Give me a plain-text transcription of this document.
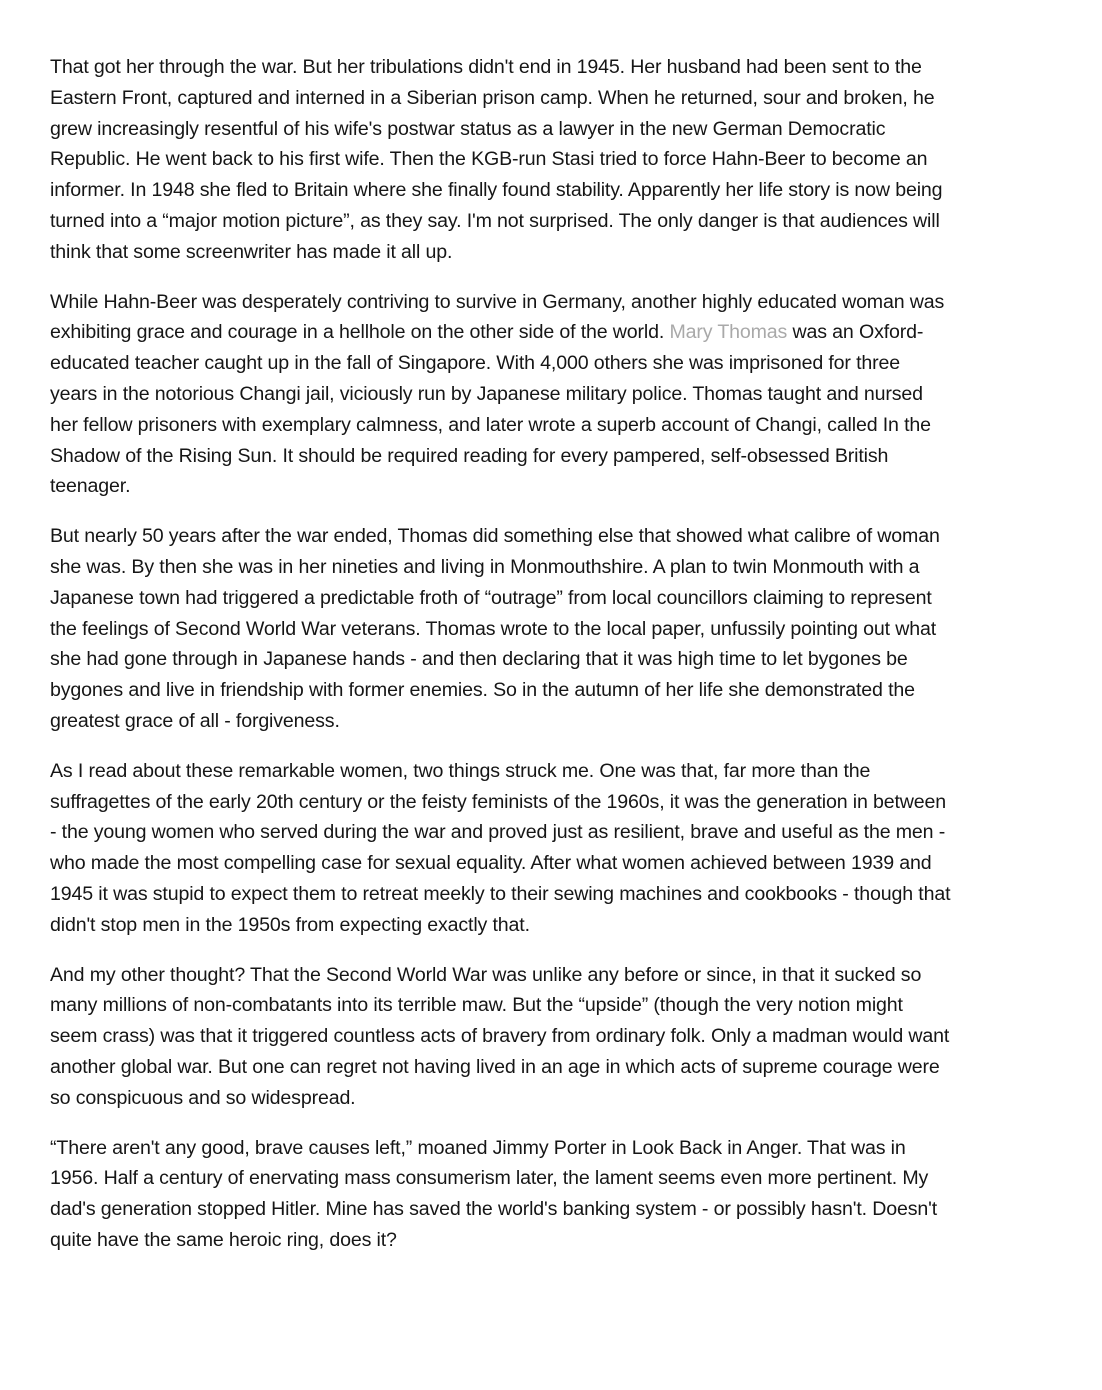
That got her through the war. But her tribulations didn't end in 1945. Her husband had been sent to the
Eastern Front, captured and interned in a Siberian prison camp. When he returned, sour and broken, he
grew increasingly resentful of his wife's postwar status as a lawyer in the new German Democratic
Republic. He went back to his first wife. Then the KGB-run Stasi tried to force Hahn-Beer to become an
informer. In 1948 she fled to Britain where she finally found stability. Apparently her life story is now being
turned into a “major motion picture”, as they say. I'm not surprised. The only danger is that audiences will
think that some screenwriter has made it all up.
While Hahn-Beer was desperately contriving to survive in Germany, another highly educated woman was
exhibiting grace and courage in a hellhole on the other side of the world. Mary Thomas was an Oxford-
educated teacher caught up in the fall of Singapore. With 4,000 others she was imprisoned for three
years in the notorious Changi jail, viciously run by Japanese military police. Thomas taught and nursed
her fellow prisoners with exemplary calmness, and later wrote a superb account of Changi, called In the
Shadow of the Rising Sun. It should be required reading for every pampered, self-obsessed British
teenager.
But nearly 50 years after the war ended, Thomas did something else that showed what calibre of woman
she was. By then she was in her nineties and living in Monmouthshire. A plan to twin Monmouth with a
Japanese town had triggered a predictable froth of “outrage” from local councillors claiming to represent
the feelings of Second World War veterans. Thomas wrote to the local paper, unfussily pointing out what
she had gone through in Japanese hands - and then declaring that it was high time to let bygones be
bygones and live in friendship with former enemies. So in the autumn of her life she demonstrated the
greatest grace of all - forgiveness.
As I read about these remarkable women, two things struck me. One was that, far more than the
suffragettes of the early 20th century or the feisty feminists of the 1960s, it was the generation in between
- the young women who served during the war and proved just as resilient, brave and useful as the men -
who made the most compelling case for sexual equality. After what women achieved between 1939 and
1945 it was stupid to expect them to retreat meekly to their sewing machines and cookbooks - though that
didn't stop men in the 1950s from expecting exactly that.
And my other thought? That the Second World War was unlike any before or since, in that it sucked so
many millions of non-combatants into its terrible maw. But the “upside” (though the very notion might
seem crass) was that it triggered countless acts of bravery from ordinary folk. Only a madman would want
another global war. But one can regret not having lived in an age in which acts of supreme courage were
so conspicuous and so widespread.
“There aren't any good, brave causes left,” moaned Jimmy Porter in Look Back in Anger. That was in
1956. Half a century of enervating mass consumerism later, the lament seems even more pertinent. My
dad's generation stopped Hitler. Mine has saved the world's banking system - or possibly hasn't. Doesn't
quite have the same heroic ring, does it?
